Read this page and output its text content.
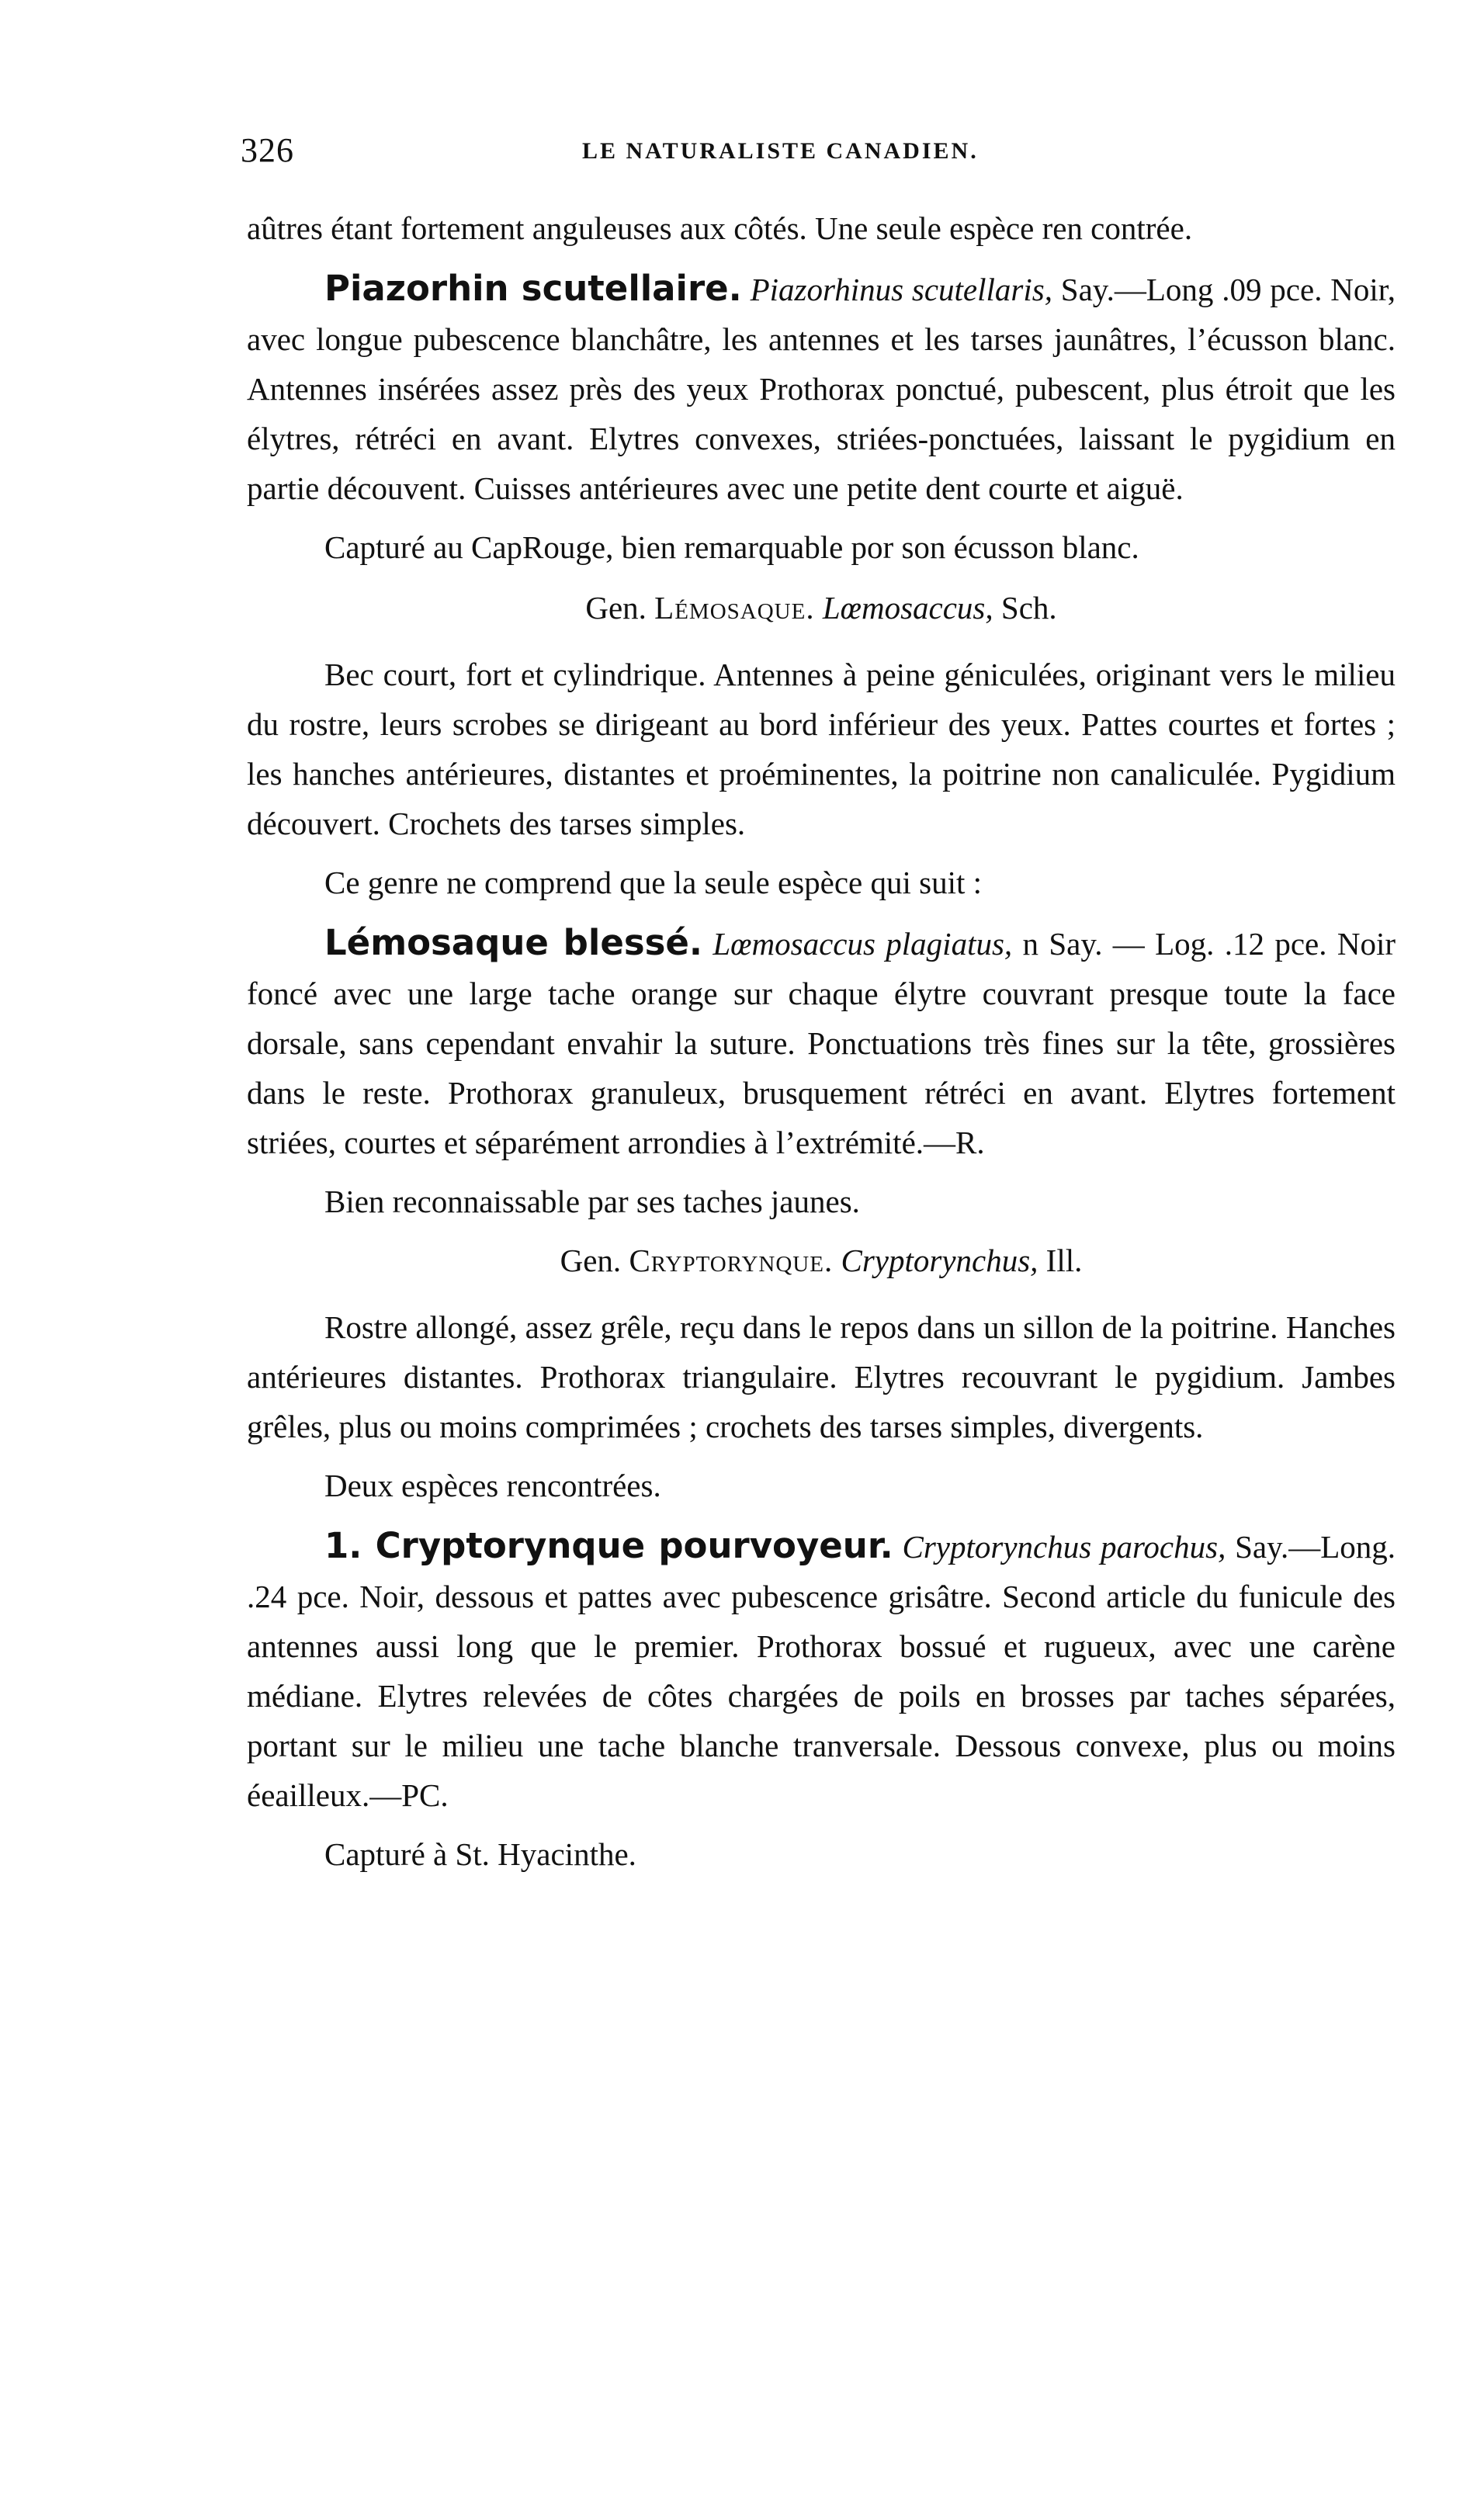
326	LE NATURALISTE CANADIEN.

aûtres étant fortement anguleuses aux côtés. Une seule espèce ren contrée.

Piazorhin scutellaire. Piazorhinus scutellaris, Say.—Long .09 pce. Noir, avec longue pubescence blanchâtre, les antennes et les tarses jaunâtres, l’écusson blanc. Antennes insérées assez près des yeux Prothorax ponctué, pubescent, plus étroit que les élytres, rétréci en avant. Elytres convexes, striées-ponctuées, laissant le pygidium en partie découvent. Cuisses antérieures avec une petite dent courte et aiguë.

Capturé au CapRouge, bien remarquable por son écusson blanc.

Gen. Lémosaque. Lœmosaccus, Sch.

Bec court, fort et cylindrique. Antennes à peine géniculées, originant vers le milieu du rostre, leurs scrobes se dirigeant au bord inférieur des yeux. Pattes courtes et fortes ; les hanches antérieures, distantes et proéminentes, la poitrine non canaliculée. Pygidium découvert. Crochets des tarses simples.

Ce genre ne comprend que la seule espèce qui suit :

Lémosaque blessé. Lœmosaccus plagiatus, n Say. — Log. .12 pce. Noir foncé avec une large tache orange sur chaque élytre couvrant presque toute la face dorsale, sans cependant envahir la suture. Ponctuations très fines sur la tête, grossières dans le reste. Prothorax granuleux, brusquement rétréci en avant. Elytres fortement striées, courtes et séparément arrondies à l’extrémité.—R.

Bien reconnaissable par ses taches jaunes.

Gen. Cryptorynque. Cryptorynchus, Ill.

Rostre allongé, assez grêle, reçu dans le repos dans un sillon de la poitrine. Hanches antérieures distantes. Prothorax triangulaire. Elytres recouvrant le pygidium. Jambes grêles, plus ou moins comprimées ; crochets des tarses simples, divergents.

Deux espèces rencontrées.

1. Cryptorynque pourvoyeur. Cryptorynchus parochus, Say.—Long. .24 pce. Noir, dessous et pattes avec pubescence grisâtre. Second article du funicule des antennes aussi long que le premier. Prothorax bossué et rugueux, avec une carène médiane. Elytres relevées de côtes chargées de poils en brosses par taches séparées, portant sur le milieu une tache blanche tranversale. Dessous convexe, plus ou moins éeailleux.—PC.

Capturé à St. Hyacinthe.
